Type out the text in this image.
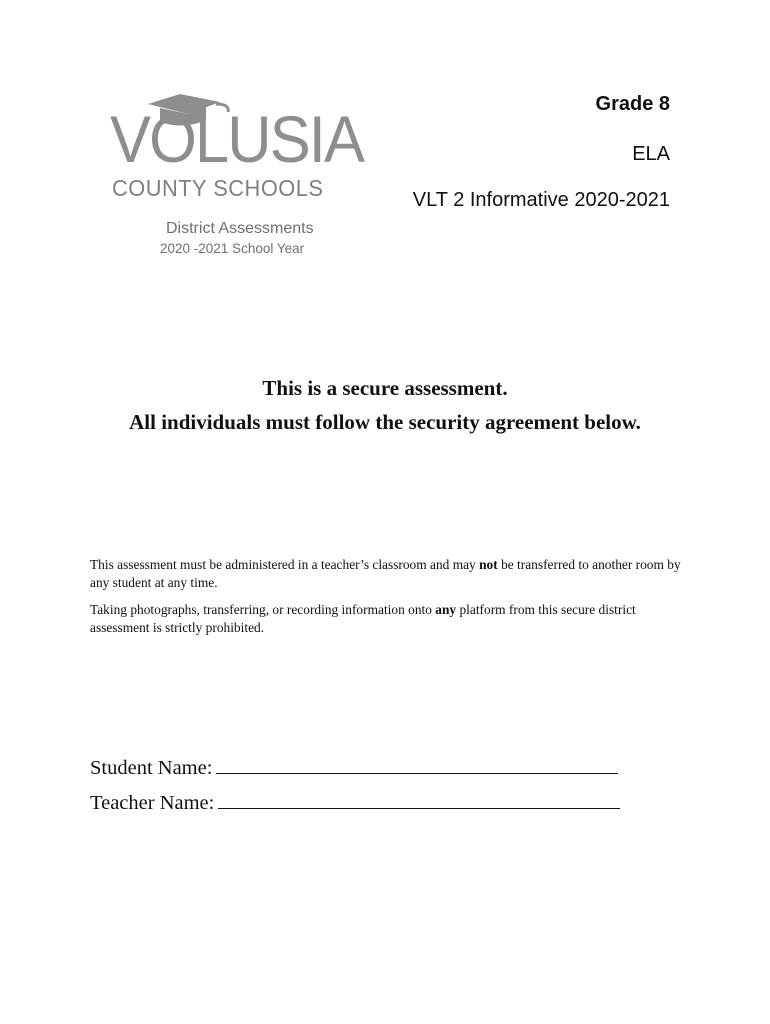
VOLUSIA
COUNTY SCHOOLS
District Assessments
2020 -2021 School Year
Grade 8
ELA
VLT 2 Informative 2020-2021
This is a secure assessment.
All individuals must follow the security agreement below.
This assessment must be administered in a teacher’s classroom and may not be transferred to another room by any student at any time.
Taking photographs, transferring, or recording information onto any platform from this secure district assessment is strictly prohibited.
Student Name:
Teacher Name:
